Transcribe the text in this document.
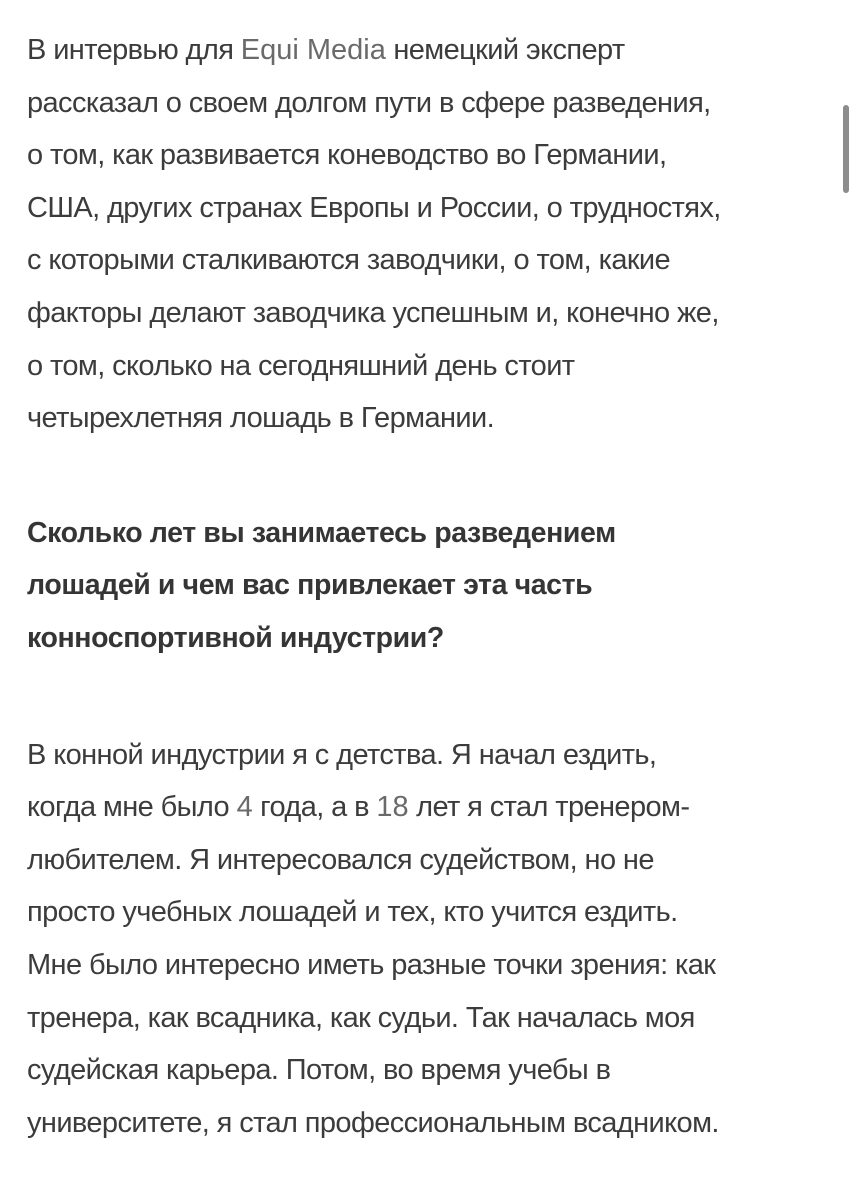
В интервью для Equi Media немецкий эксперт
рассказал о своем долгом пути в сфере разведения,
о том, как развивается коневодство во Германии,
США, других странах Европы и России, о трудностях,
с которыми сталкиваются заводчики, о том, какие
факторы делают заводчика успешным и, конечно же,
о том, сколько на сегодняшний день стоит
четырехлетняя лошадь в Германии.

Сколько лет вы занимаетесь разведением
лошадей и чем вас привлекает эта часть
конноспортивной индустрии?

В конной индустрии я с детства. Я начал ездить,
когда мне было 4 года, а в 18 лет я стал тренером-
любителем. Я интересовался судейством, но не
просто учебных лошадей и тех, кто учится ездить.
Мне было интересно иметь разные точки зрения: как
тренера, как всадника, как судьи. Так началась моя
судейская карьера. Потом, во время учебы в
университете, я стал профессиональным всадником.
